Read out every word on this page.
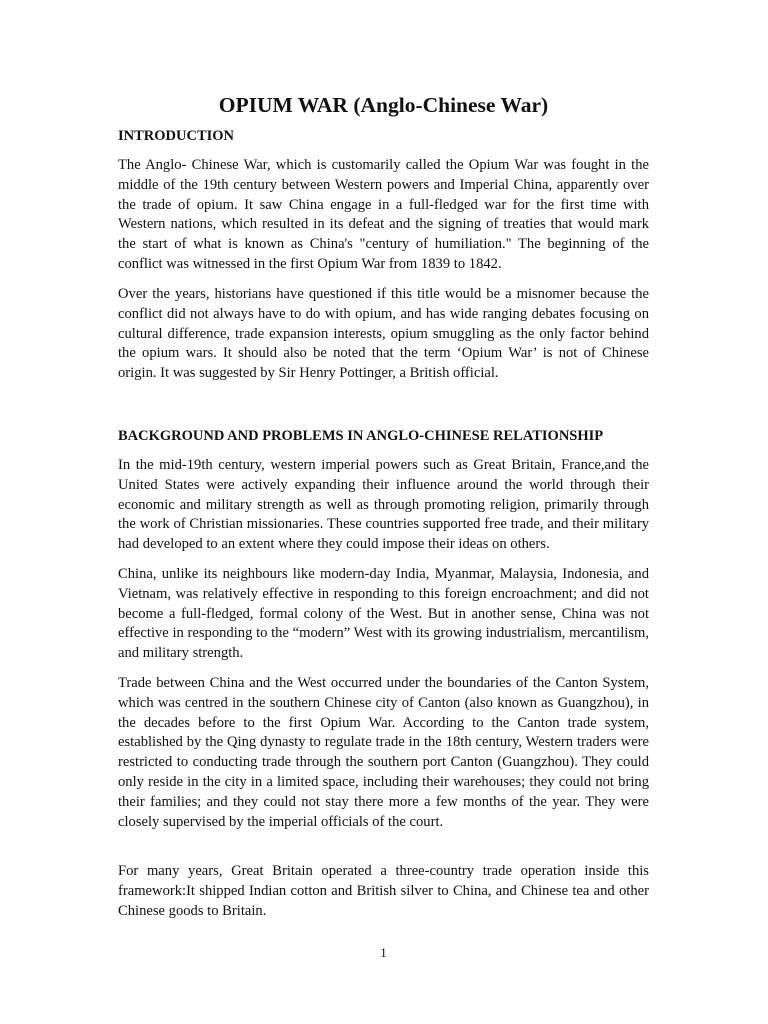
OPIUM WAR (Anglo-Chinese War)
INTRODUCTION

The Anglo- Chinese War, which is customarily called the Opium War was fought in the middle of the 19th century between Western powers and Imperial China, apparently over the trade of opium. It saw China engage in a full-fledged war for the first time with Western nations, which resulted in its defeat and the signing of treaties that would mark the start of what is known as China's "century of humiliation." The beginning of the conflict was witnessed in the first Opium War from 1839 to 1842.

Over the years, historians have questioned if this title would be a misnomer because the conflict did not always have to do with opium, and has wide ranging debates focusing on cultural difference, trade expansion interests, opium smuggling as the only factor behind the opium wars. It should also be noted that the term ‘Opium War’ is not of Chinese origin. It was suggested by Sir Henry Pottinger, a British official.

BACKGROUND AND PROBLEMS IN ANGLO-CHINESE RELATIONSHIP

In the mid-19th century, western imperial powers such as Great Britain, France,and the United States were actively expanding their influence around the world through their economic and military strength as well as through promoting religion, primarily through the work of Christian missionaries. These countries supported free trade, and their military had developed to an extent where they could impose their ideas on others.

China, unlike its neighbours like modern-day India, Myanmar, Malaysia, Indonesia, and Vietnam, was relatively effective in responding to this foreign encroachment; and did not become a full-fledged, formal colony of the West. But in another sense, China was not effective in responding to the “modern” West with its growing industrialism, mercantilism, and military strength.

Trade between China and the West occurred under the boundaries of the Canton System, which was centred in the southern Chinese city of Canton (also known as Guangzhou), in the decades before to the first Opium War. According to the Canton trade system, established by the Qing dynasty to regulate trade in the 18th century, Western traders were restricted to conducting trade through the southern port Canton (Guangzhou). They could only reside in the city in a limited space, including their warehouses; they could not bring their families; and they could not stay there more a few months of the year. They were closely supervised by the imperial officials of the court.

For many years, Great Britain operated a three-country trade operation inside this framework:It shipped Indian cotton and British silver to China, and Chinese tea and other Chinese goods to Britain.

1
